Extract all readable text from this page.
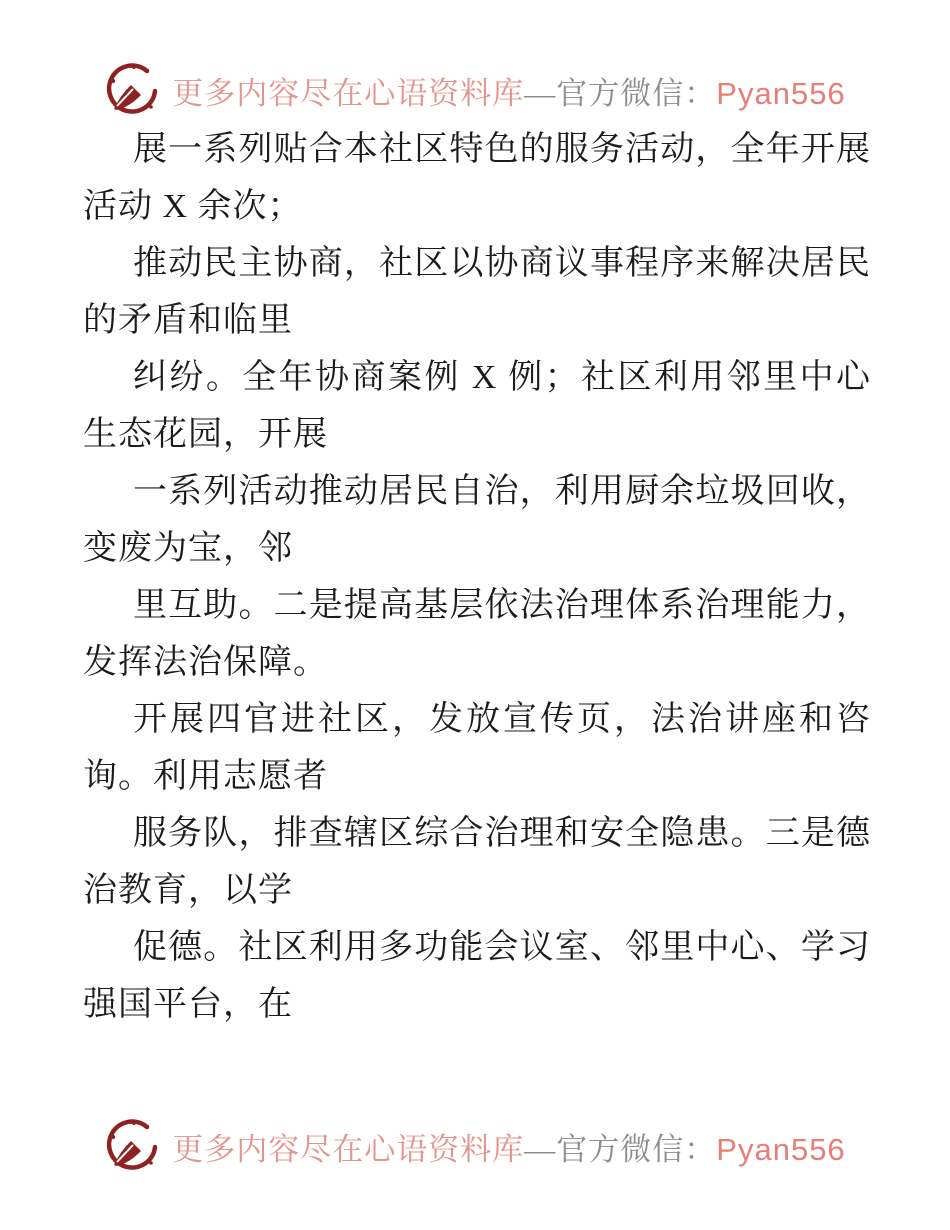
更多内容尽在心语资料库—官方微信：Pyan556

展一系列贴合本社区特色的服务活动，全年开展活动 X 余次；

推动民主协商，社区以协商议事程序来解决居民的矛盾和临里

纠纷。全年协商案例 X 例；社区利用邻里中心生态花园，开展

一系列活动推动居民自治，利用厨余垃圾回收，变废为宝，邻

里互助。二是提高基层依法治理体系治理能力，发挥法治保障。

开展四官进社区，发放宣传页，法治讲座和咨询。利用志愿者

服务队，排查辖区综合治理和安全隐患。三是德治教育，以学

促德。社区利用多功能会议室、邻里中心、学习强国平台，在

更多内容尽在心语资料库—官方微信：Pyan556
